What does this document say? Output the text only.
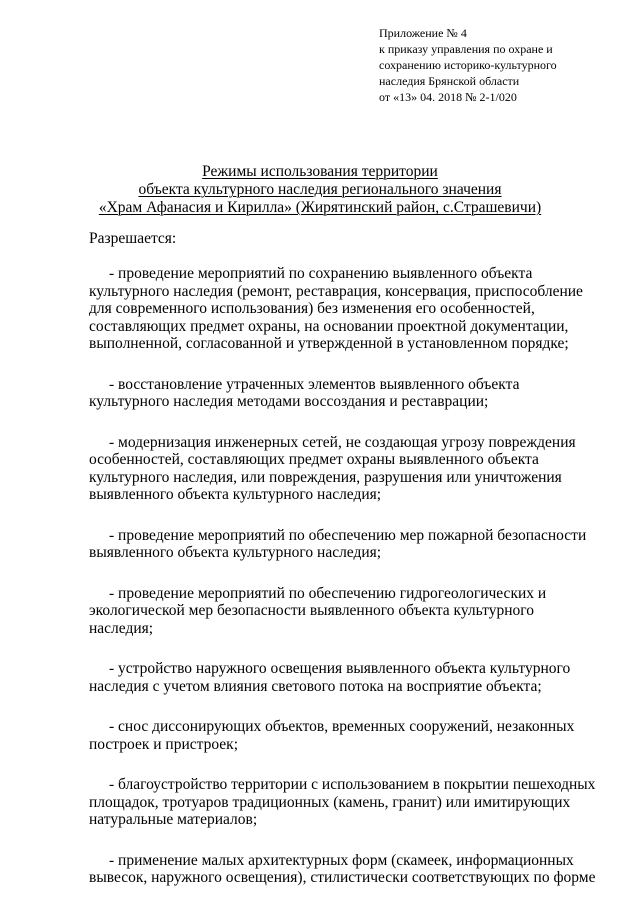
Приложение № 4
к приказу управления по охране и
сохранению историко-культурного
наследия Брянской области
от «13» 04. 2018 № 2-1/020
Режимы использования территории
объекта культурного наследия регионального значения
«Храм Афанасия и Кирилла» (Жирятинский район, с.Страшевичи)
Разрешается:
- проведение мероприятий по сохранению выявленного объекта
культурного наследия (ремонт, реставрация, консервация, приспособление
для современного использования) без изменения его особенностей,
составляющих предмет охраны, на основании проектной документации,
выполненной, согласованной и утвержденной в установленном порядке;
- восстановление утраченных элементов выявленного объекта
культурного наследия методами воссоздания и реставрации;
- модернизация инженерных сетей, не создающая угрозу повреждения
особенностей, составляющих предмет охраны выявленного объекта
культурного наследия, или повреждения, разрушения или уничтожения
выявленного объекта культурного наследия;
- проведение мероприятий по обеспечению мер пожарной безопасности
выявленного объекта культурного наследия;
- проведение мероприятий по обеспечению гидрогеологических и
экологической мер безопасности выявленного объекта культурного
наследия;
- устройство наружного освещения выявленного объекта культурного
наследия с учетом влияния светового потока на восприятие объекта;
- снос диссонирующих объектов, временных сооружений, незаконных
построек и пристроек;
- благоустройство территории с использованием в покрытии пешеходных
площадок, тротуаров традиционных (камень, гранит) или имитирующих
натуральные материалов;
- применение малых архитектурных форм (скамеек, информационных
вывесок, наружного освещения), стилистически соответствующих по форме
